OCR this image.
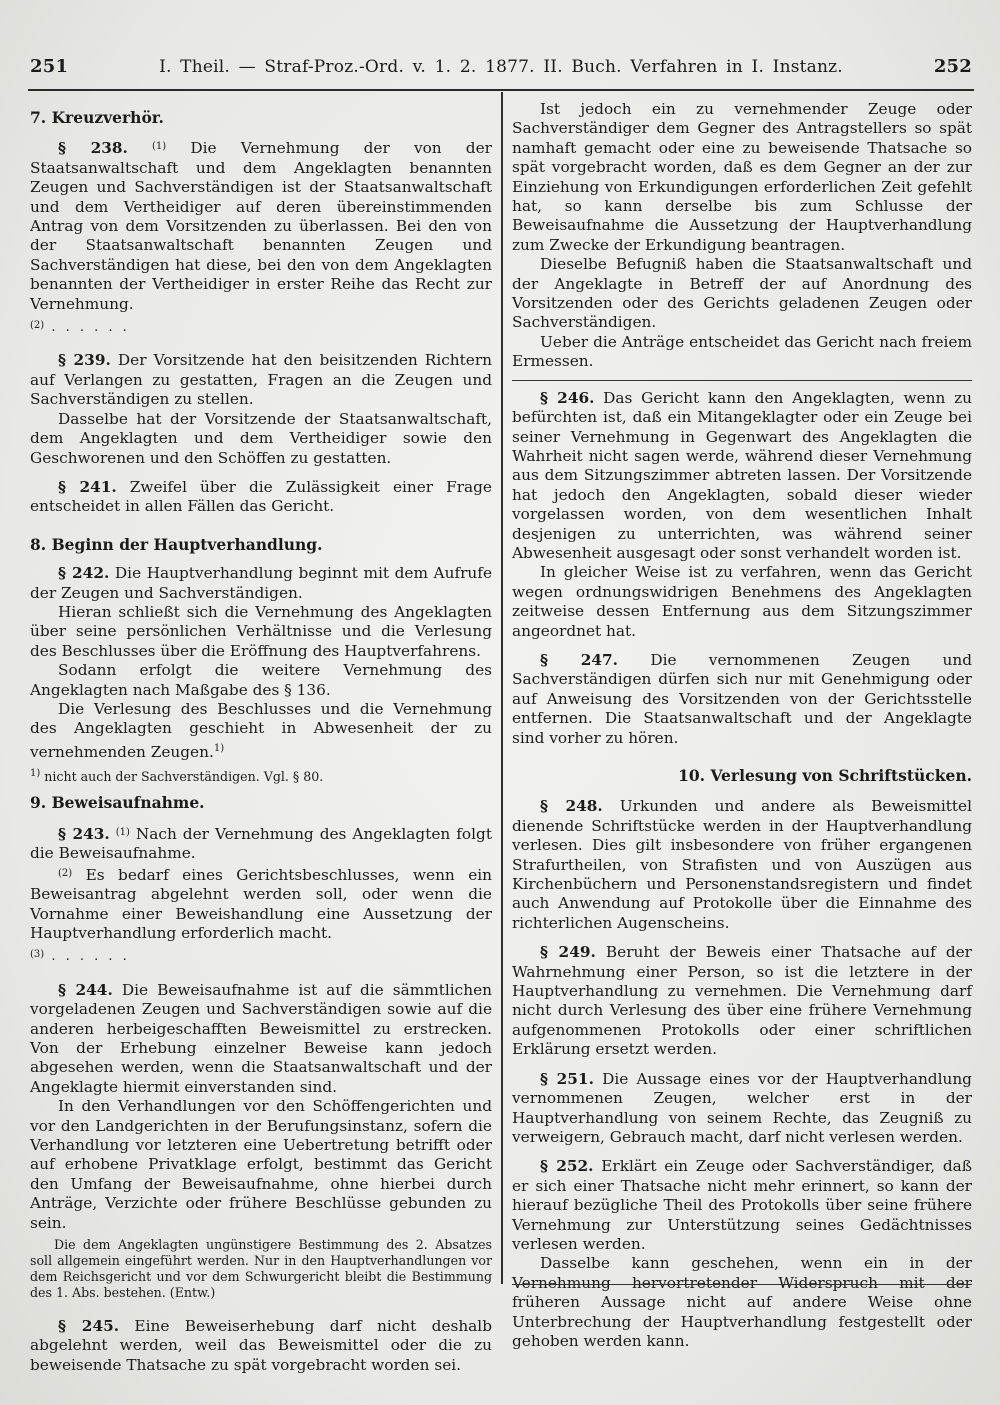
251	I. Theil. — Straf-Proz.-Ord. v. 1. 2. 1877. II. Buch. Verfahren in I. Instanz.	252
7. Kreuzverhör.

§ 238. $^{(1)}$ Die Vernehmung der von der Staatsanwaltschaft und dem Angeklagten benannten Zeugen und Sachverständigen ist der Staatsanwaltschaft und dem Vertheidiger auf deren übereinstimmenden Antrag von dem Vorsitzenden zu überlassen. Bei den von der Staatsanwaltschaft benannten Zeugen und Sachverständigen hat diese, bei den von dem Angeklagten benannten der Vertheidiger in erster Reihe das Recht zur Vernehmung.

$^{(2)}$ . . . . . .

§ 239. Der Vorsitzende hat den beisitzenden Richtern auf Verlangen zu gestatten, Fragen an die Zeugen und Sachverständigen zu stellen.

Dasselbe hat der Vorsitzende der Staatsanwaltschaft, dem Angeklagten und dem Vertheidiger sowie den Geschworenen und den Schöffen zu gestatten.

§ 241. Zweifel über die Zulässigkeit einer Frage entscheidet in allen Fällen das Gericht.

8. Beginn der Hauptverhandlung.

§ 242. Die Hauptverhandlung beginnt mit dem Aufrufe der Zeugen und Sachverständigen.

Hieran schließt sich die Vernehmung des Angeklagten über seine persönlichen Verhältnisse und die Verlesung des Beschlusses über die Eröffnung des Hauptverfahrens.

Sodann erfolgt die weitere Vernehmung des Angeklagten nach Maßgabe des § 136.

Die Verlesung des Beschlusses und die Vernehmung des Angeklagten geschieht in Abwesenheit der zu vernehmenden Zeugen.$^{1)}$

$^{1)}$ nicht auch der Sachverständigen. Vgl. § 80.
9. Beweisaufnahme.

§ 243. $^{(1)}$ Nach der Vernehmung des Angeklagten folgt die Beweisaufnahme.

$^{(2)}$ Es bedarf eines Gerichtsbeschlusses, wenn ein Beweisantrag abgelehnt werden soll, oder wenn die Vornahme einer Beweishandlung eine Aussetzung der Hauptverhandlung erforderlich macht.

$^{(3)}$ . . . . . .

§ 244. Die Beweisaufnahme ist auf die sämmtlichen vorgeladenen Zeugen und Sachverständigen sowie auf die anderen herbeigeschafften Beweismittel zu erstrecken. Von der Erhebung einzelner Beweise kann jedoch abgesehen werden, wenn die Staatsanwaltschaft und der Angeklagte hiermit einverstanden sind.

In den Verhandlungen vor den Schöffengerichten und vor den Landgerichten in der Berufungsinstanz, sofern die Verhandlung vor letzteren eine Uebertretung betrifft oder auf erhobene Privatklage erfolgt, bestimmt das Gericht den Umfang der Beweisaufnahme, ohne hierbei durch Anträge, Verzichte oder frühere Beschlüsse gebunden zu sein.

Die dem Angeklagten ungünstigere Bestimmung des 2. Absatzes soll allgemein eingeführt werden. Nur in den Hauptverhandlungen vor dem Reichsgericht und vor dem Schwurgericht bleibt die Bestimmung des 1. Abs. bestehen. (Entw.)

§ 245. Eine Beweiserhebung darf nicht deshalb abgelehnt werden, weil das Beweismittel oder die zu beweisende Thatsache zu spät vorgebracht worden sei.

Ist jedoch ein zu vernehmender Zeuge oder Sachverständiger dem Gegner des Antragstellers so spät namhaft gemacht oder eine zu beweisende Thatsache so spät vorgebracht worden, daß es dem Gegner an der zur Einziehung von Erkundigungen erforderlichen Zeit gefehlt hat, so kann derselbe bis zum Schlusse der Beweisaufnahme die Aussetzung der Hauptverhandlung zum Zwecke der Erkundigung beantragen.

Dieselbe Befugniß haben die Staatsanwaltschaft und der Angeklagte in Betreff der auf Anordnung des Vorsitzenden oder des Gerichts geladenen Zeugen oder Sachverständigen.

Ueber die Anträge entscheidet das Gericht nach freiem Ermessen.

§ 246. Das Gericht kann den Angeklagten, wenn zu befürchten ist, daß ein Mitangeklagter oder ein Zeuge bei seiner Vernehmung in Gegenwart des Angeklagten die Wahrheit nicht sagen werde, während dieser Vernehmung aus dem Sitzungszimmer abtreten lassen. Der Vorsitzende hat jedoch den Angeklagten, sobald dieser wieder vorgelassen worden, von dem wesentlichen Inhalt desjenigen zu unterrichten, was während seiner Abwesenheit ausgesagt oder sonst verhandelt worden ist.

In gleicher Weise ist zu verfahren, wenn das Gericht wegen ordnungswidrigen Benehmens des Angeklagten zeitweise dessen Entfernung aus dem Sitzungszimmer angeordnet hat.

§ 247. Die vernommenen Zeugen und Sachverständigen dürfen sich nur mit Genehmigung oder auf Anweisung des Vorsitzenden von der Gerichtsstelle entfernen. Die Staatsanwaltschaft und der Angeklagte sind vorher zu hören.

10. Verlesung von Schriftstücken.

§ 248. Urkunden und andere als Beweismittel dienende Schriftstücke werden in der Hauptverhandlung verlesen. Dies gilt insbesondere von früher ergangenen Strafurtheilen, von Strafisten und von Auszügen aus Kirchenbüchern und Personenstandsregistern und findet auch Anwendung auf Protokolle über die Einnahme des richterlichen Augenscheins.

§ 249. Beruht der Beweis einer Thatsache auf der Wahrnehmung einer Person, so ist die letztere in der Hauptverhandlung zu vernehmen. Die Vernehmung darf nicht durch Verlesung des über eine frühere Vernehmung aufgenommenen Protokolls oder einer schriftlichen Erklärung ersetzt werden.

§ 251. Die Aussage eines vor der Hauptverhandlung vernommenen Zeugen, welcher erst in der Hauptverhandlung von seinem Rechte, das Zeugniß zu verweigern, Gebrauch macht, darf nicht verlesen werden.

§ 252. Erklärt ein Zeuge oder Sachverständiger, daß er sich einer Thatsache nicht mehr erinnert, so kann der hierauf bezügliche Theil des Protokolls über seine frühere Vernehmung zur Unterstützung seines Gedächtnisses verlesen werden.

Dasselbe kann geschehen, wenn ein in der Vernehmung hervortretender Widerspruch mit der früheren Aussage nicht auf andere Weise ohne Unterbrechung der Hauptverhandlung festgestellt oder gehoben werden kann.
